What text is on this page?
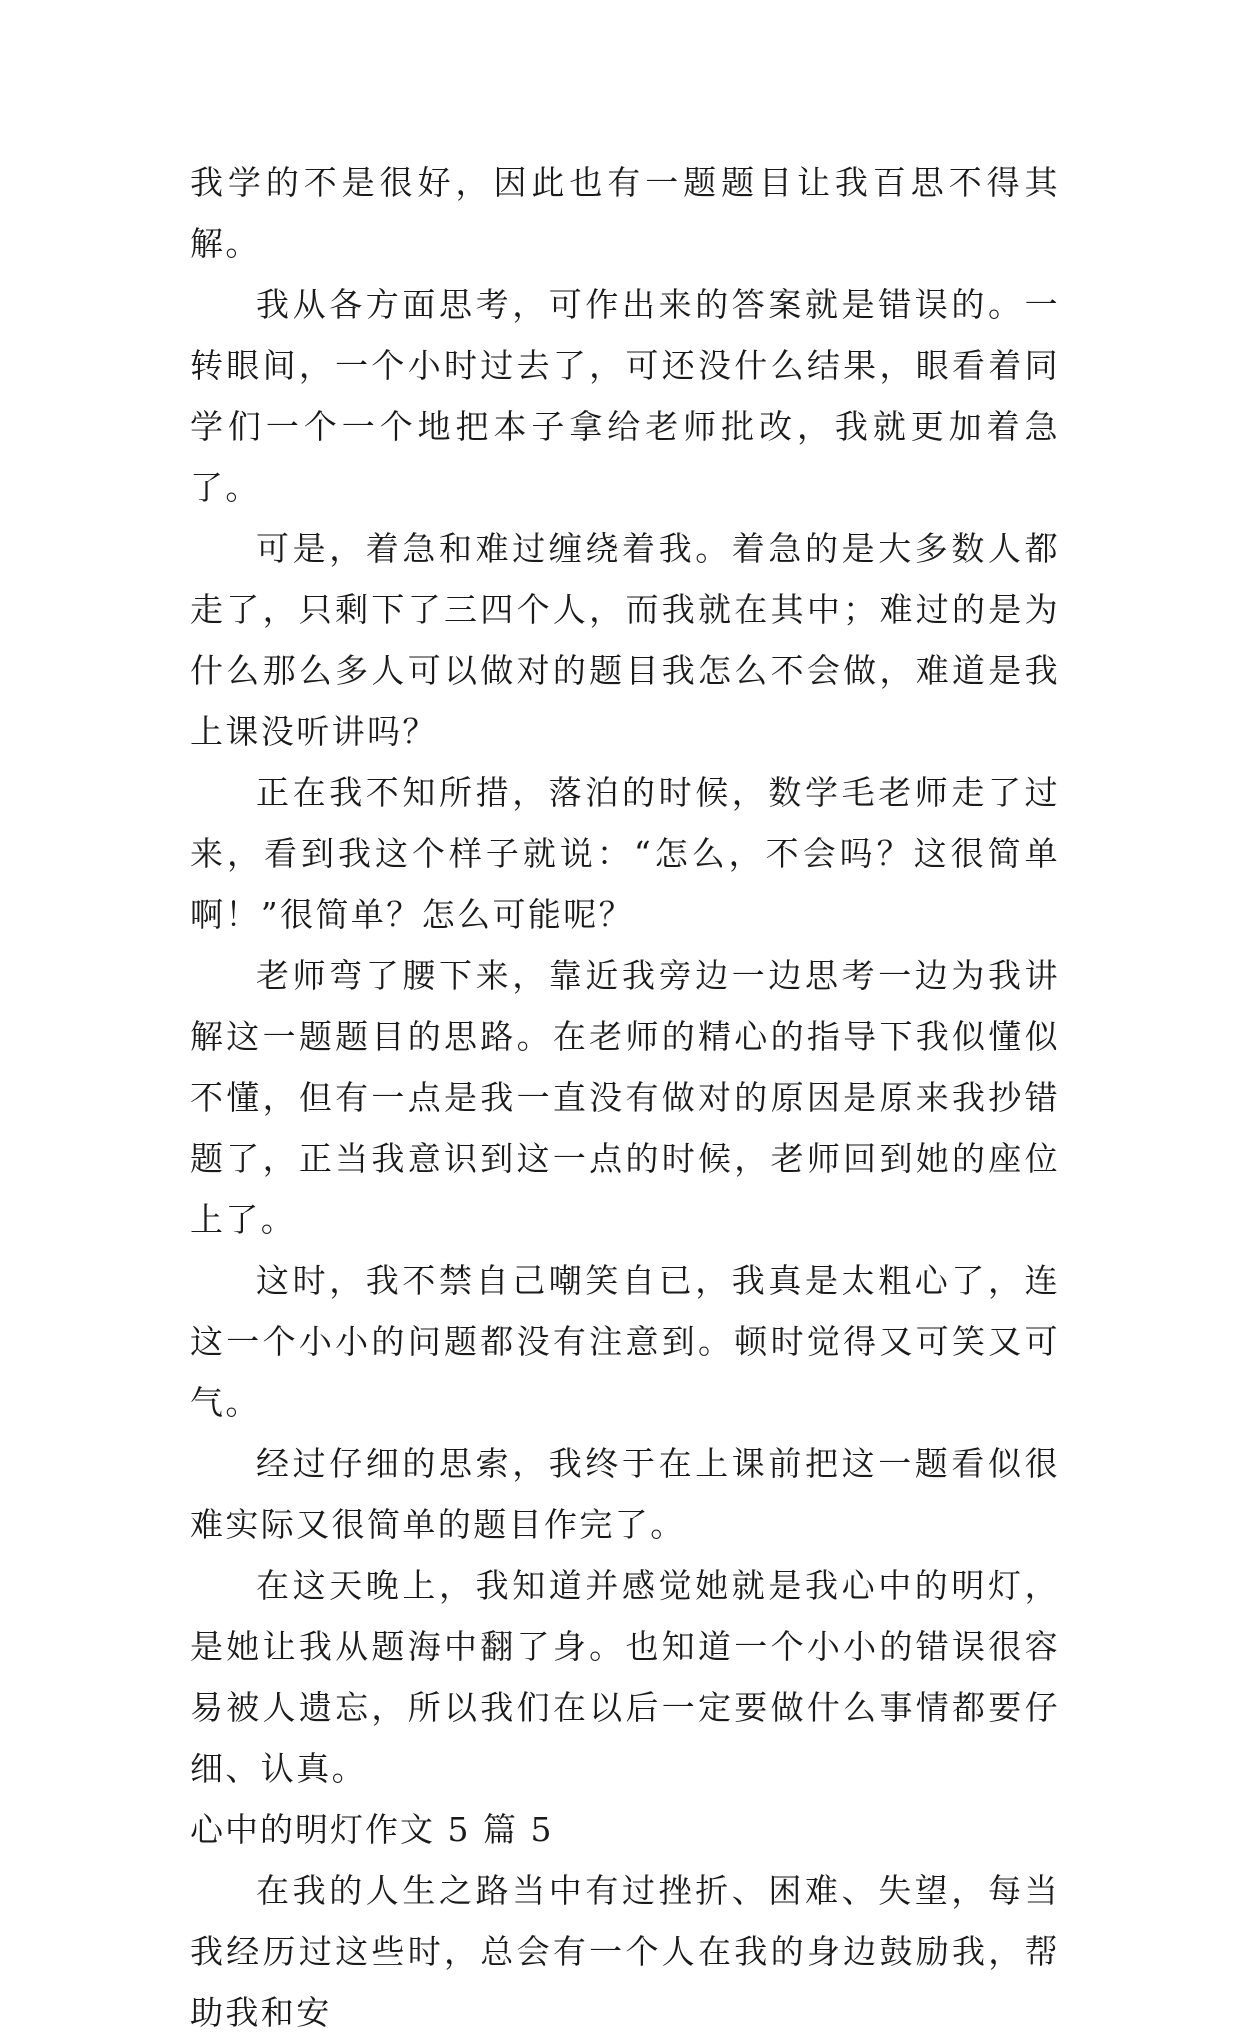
我学的不是很好，因此也有一题题目让我百思不得其解。

我从各方面思考，可作出来的答案就是错误的。一转眼间，一个小时过去了，可还没什么结果，眼看着同学们一个一个地把本子拿给老师批改，我就更加着急了。

可是，着急和难过缠绕着我。着急的是大多数人都走了，只剩下了三四个人，而我就在其中；难过的是为什么那么多人可以做对的题目我怎么不会做，难道是我上课没听讲吗？

正在我不知所措，落泊的时候，数学毛老师走了过来，看到我这个样子就说：“怎么，不会吗？这很简单啊！”很简单？怎么可能呢？

老师弯了腰下来，靠近我旁边一边思考一边为我讲解这一题题目的思路。在老师的精心的指导下我似懂似不懂，但有一点是我一直没有做对的原因是原来我抄错题了，正当我意识到这一点的时候，老师回到她的座位上了。

这时，我不禁自己嘲笑自已，我真是太粗心了，连这一个小小的问题都没有注意到。顿时觉得又可笑又可气。

经过仔细的思索，我终于在上课前把这一题看似很难实际又很简单的题目作完了。

在这天晚上，我知道并感觉她就是我心中的明灯，是她让我从题海中翻了身。也知道一个小小的错误很容易被人遗忘，所以我们在以后一定要做什么事情都要仔细、认真。

心中的明灯作文 5 篇 5

在我的人生之路当中有过挫折、困难、失望，每当我经历过这些时，总会有一个人在我的身边鼓励我，帮助我和安
